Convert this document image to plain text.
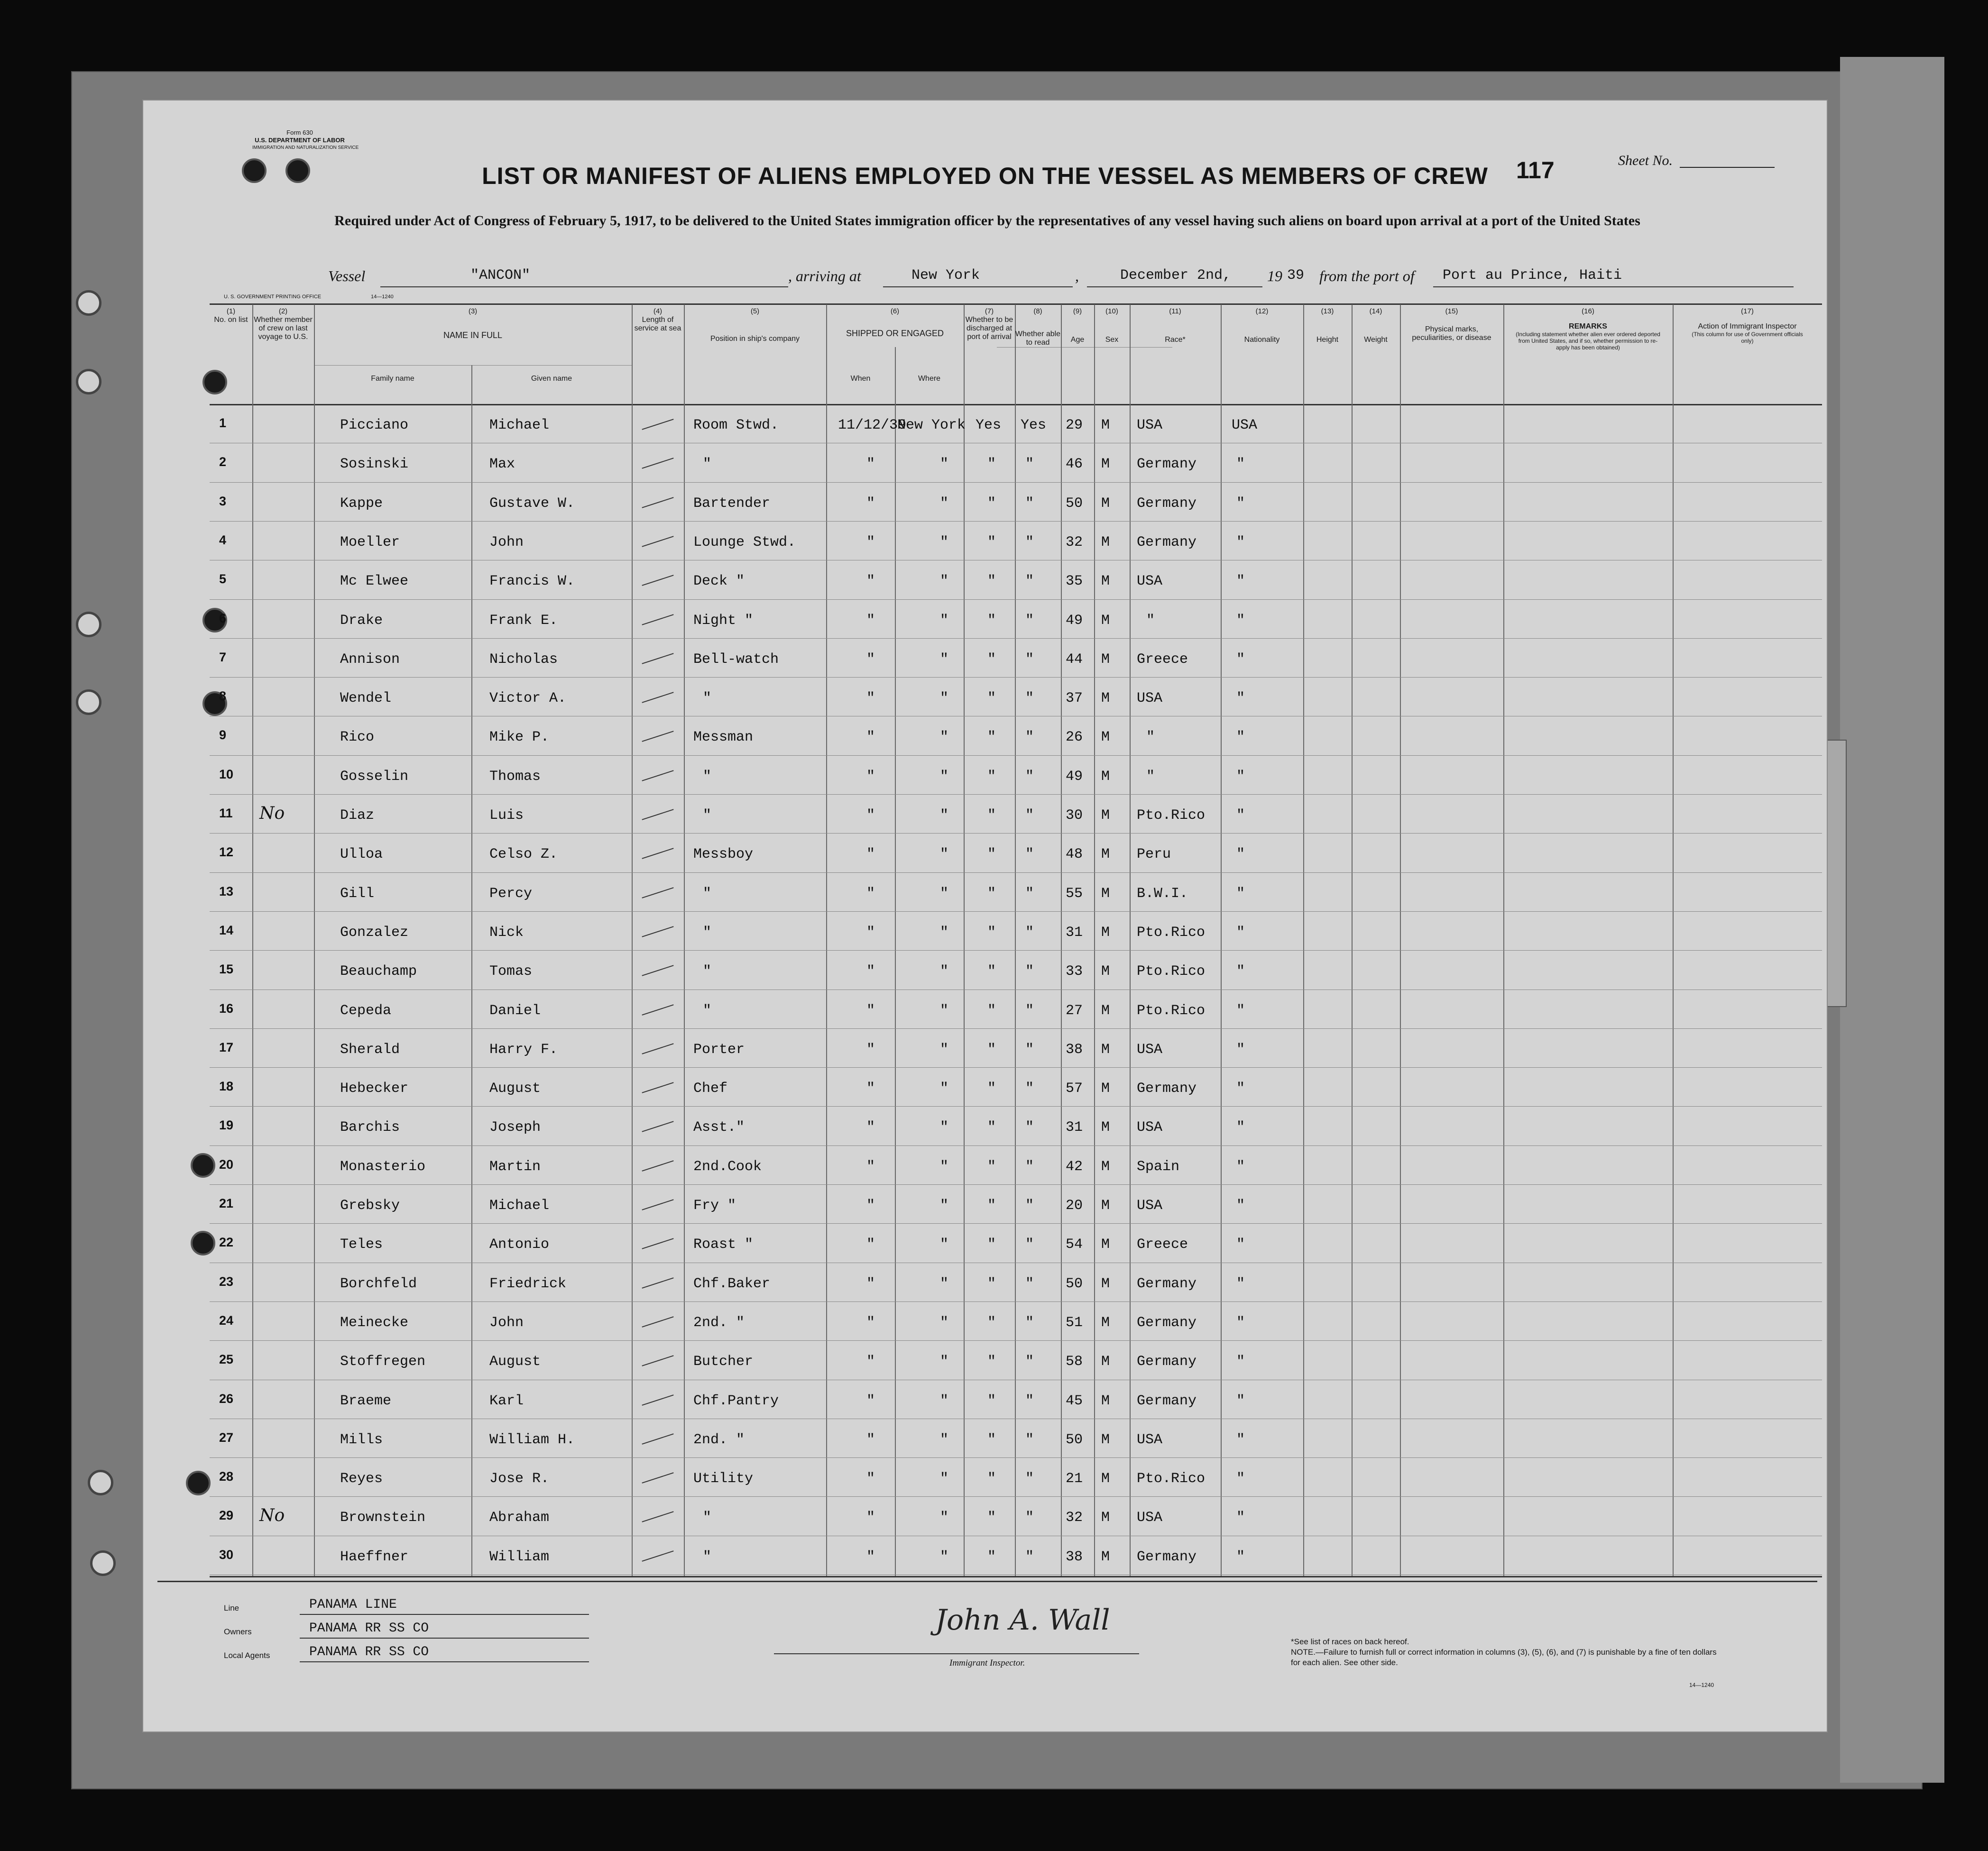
Form 630
U.S. DEPARTMENT OF LABOR
IMMIGRATION AND NATURALIZATION SERVICE
Sheet No.
LIST OR MANIFEST OF ALIENS EMPLOYED ON THE VESSEL AS MEMBERS OF CREW	117
Required under Act of Congress of February 5, 1917, to be delivered to the United States immigration officer by the representatives of any vessel having such aliens on board upon arrival at a port of the United States
Vessel	"ANCON"	, arriving at	New York	,	December 2nd, 19 39 from the port of Port au Prince, Haiti
U. S. GOVERNMENT PRINTING OFFICE	14—1240
(1)
No. on list
(2)
Whether member of crew on last voyage to U.S.
(3)
NAME IN FULL
Family name	Given name
(4)
Length of service at sea
(5)
Position in ship's company
(6)
SHIPPED OR ENGAGED
When	Where
(7)
Whether to be discharged at port of arrival
(8)
Whether able to read
(9)
Age
(10)
Sex
(11)
Race*
(12)
Nationality
(13)
Height
(14)
Weight
(15)
Physical marks, peculiarities, or disease
(16)
REMARKS
(Including statement whether alien ever ordered deported from United States, and if so, whether permission to re-apply has been obtained)
(17)
Action of Immigrant Inspector
(This column for use of Government officials only)
1	Picciano	Michael	Room Stwd.	11/12/39
New York Yes Yes 29 M USA	USA
2	Sosinski	Max	"	"	"	" " 46 M Germany	"
3	Kappe	Gustave W.	Bartender	"	"	" " 50 M Germany	"
4	Moeller	John	Lounge Stwd.	"	"	" " 32 M Germany	"
5	Mc Elwee	Francis W.	Deck "	"	"	" " 35 M USA	"
6	Drake	Frank E.	Night "	"	"	" " 49 M	"	"
7	Annison	Nicholas	Bell-watch	"	"	" " 44 M Greece	"
8	Wendel	Victor A.	"	"	"	" " 37 M USA	"
9	Rico	Mike P.	Messman	"	"	" " 26 M	"	"
10	Gosselin	Thomas	"	"	"	" " 49 M	"	"
11 No	Diaz	Luis	"	"	"	" " 30 M Pto.Rico "
12	Ulloa	Celso Z.	Messboy	"	"	" " 48 M Peru	"
13	Gill	Percy	"	"	"	" " 55 M B.W.I.	"
14	Gonzalez	Nick	"	"	"	" " 31 M Pto.Rico "
15	Beauchamp	Tomas	"	"	"	" " 33 M Pto.Rico "
16	Cepeda	Daniel	"	"	"	" " 27 M Pto.Rico "
17	Sherald	Harry F.	Porter	"	"	" " 38 M USA	"
18	Hebecker	August	Chef	"	"	" " 57 M Germany	"
19	Barchis	Joseph	Asst."	"	"	" " 31 M USA	"
20	Monasterio	Martin	2nd.Cook	"	"	" " 42 M Spain	"
21	Grebsky	Michael	Fry "	"	"	" " 20 M USA	"
22	Teles	Antonio	Roast "	"	"	" " 54 M Greece	"
23	Borchfeld	Friedrick	Chf.Baker	"	"	" " 50 M Germany	"
24	Meinecke	John	2nd. "	"	"	" " 51 M Germany	"
25	Stoffregen	August	Butcher	"	"	" " 58 M Germany	"
26	Braeme	Karl	Chf.Pantry	"	"	" " 45 M Germany	"
27	Mills	William H.	2nd. "	"	"	" " 50 M USA	"
28	Reyes	Jose R.	Utility	"	"	" " 21 M Pto.Rico "
29 No	Brownstein	Abraham	"	"	"	" " 32 M USA	"
30	Haeffner	William	"	"	"	" " 38 M Germany	"
Line	PANAMA LINE
Owners	PANAMA RR SS CO
Local Agents	PANAMA RR SS CO
John A. Wall
Immigrant Inspector.
*See list of races on back hereof.
NOTE.—Failure to furnish full or correct information in columns (3), (5), (6), and (7) is punishable by a fine of ten dollars for each alien. See other side.
14—1240
